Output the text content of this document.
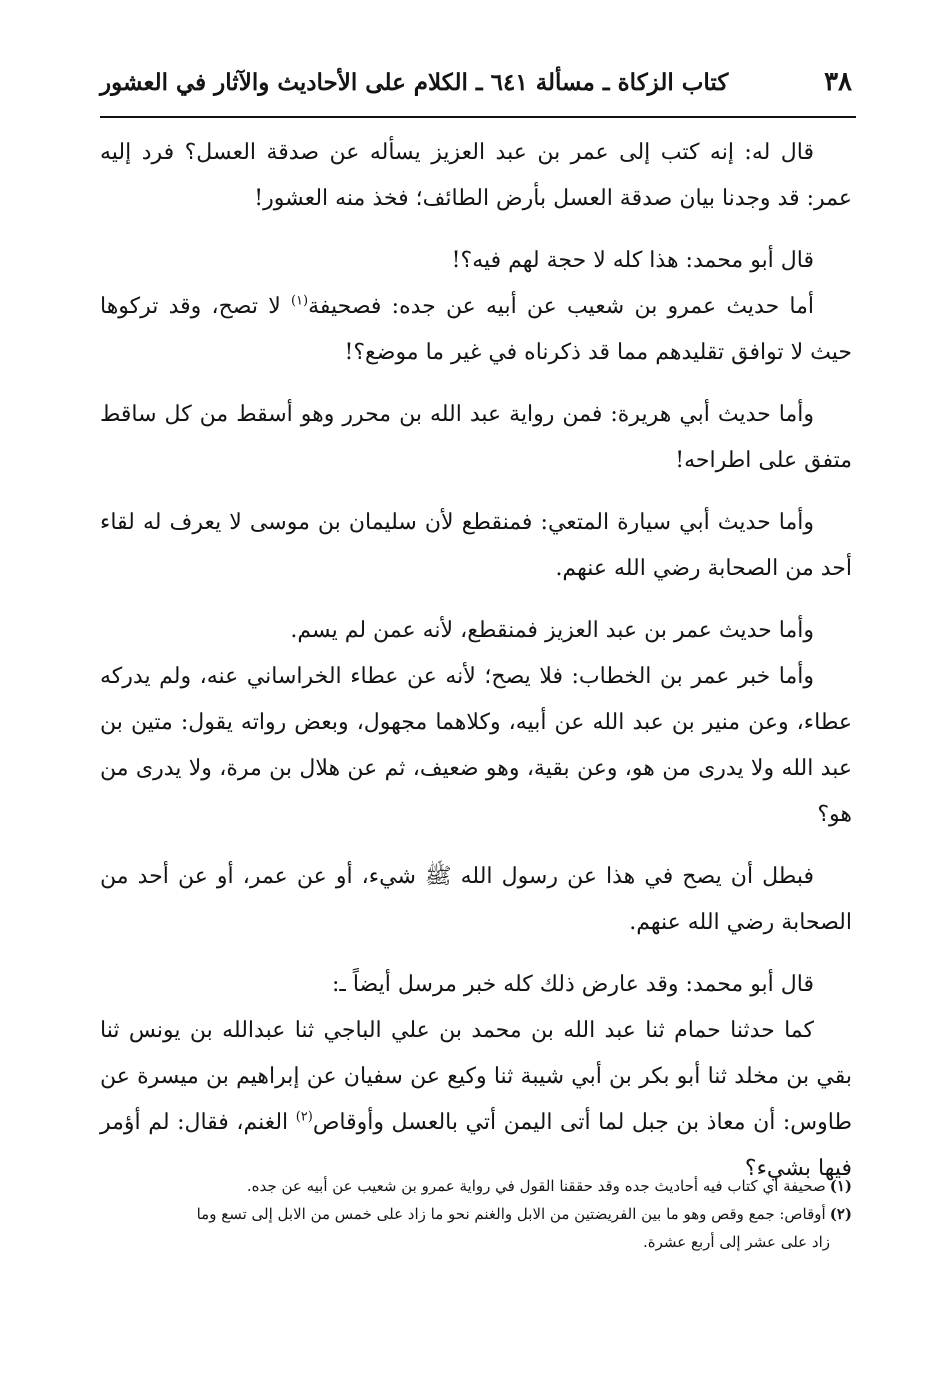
٣٨
كتاب الزكاة ـ مسألة ٦٤١ ـ الكلام على الأحاديث والآثار في العشور

قال له: إنه كتب إلى عمر بن عبد العزيز يسأله عن صدقة العسل؟ فرد إليه عمر: قد وجدنا بيان صدقة العسل بأرض الطائف؛ فخذ منه العشور!

قال أبو محمد: هذا كله لا حجة لهم فيه؟!

أما حديث عمرو بن شعيب عن أبيه عن جده: فصحيفة$^{(١)}$ لا تصح، وقد تركوها حيث لا توافق تقليدهم مما قد ذكرناه في غير ما موضع؟!

وأما حديث أبي هريرة: فمن رواية عبد الله بن محرر وهو أسقط من كل ساقط متفق على اطراحه!

وأما حديث أبي سيارة المتعي: فمنقطع لأن سليمان بن موسى لا يعرف له لقاء أحد من الصحابة رضي الله عنهم.

وأما حديث عمر بن عبد العزيز فمنقطع، لأنه عمن لم يسم.

وأما خبر عمر بن الخطاب: فلا يصح؛ لأنه عن عطاء الخراساني عنه، ولم يدركه عطاء، وعن منير بن عبد الله عن أبيه، وكلاهما مجهول، وبعض رواته يقول: متين بن عبد الله ولا يدرى من هو، وعن بقية، وهو ضعيف، ثم عن هلال بن مرة، ولا يدرى من هو؟

فبطل أن يصح في هذا عن رسول الله ﷺ شيء، أو عن عمر، أو عن أحد من الصحابة رضي الله عنهم.

قال أبو محمد: وقد عارض ذلك كله خبر مرسل أيضاً ـ:

كما حدثنا حمام ثنا عبد الله بن محمد بن علي الباجي ثنا عبدالله بن يونس ثنا بقي بن مخلد ثنا أبو بكر بن أبي شيبة ثنا وكيع عن سفيان عن إبراهيم بن ميسرة عن طاوس: أن معاذ بن جبل لما أتى اليمن أتي بالعسل وأوقاص$^{(٢)}$ الغنم، فقال: لم أؤمر فيها بشيء؟

(١)صحيفة أي كتاب فيه أحاديث جده وقد حققنا القول في رواية عمرو بن شعيب عن أبيه عن جده.

(٢)أوقاص: جمع وقص وهو ما بين الفريضتين من الابل والغنم نحو ما زاد على خمس من الابل إلى تسع وما

زاد على عشر إلى أربع عشرة.
